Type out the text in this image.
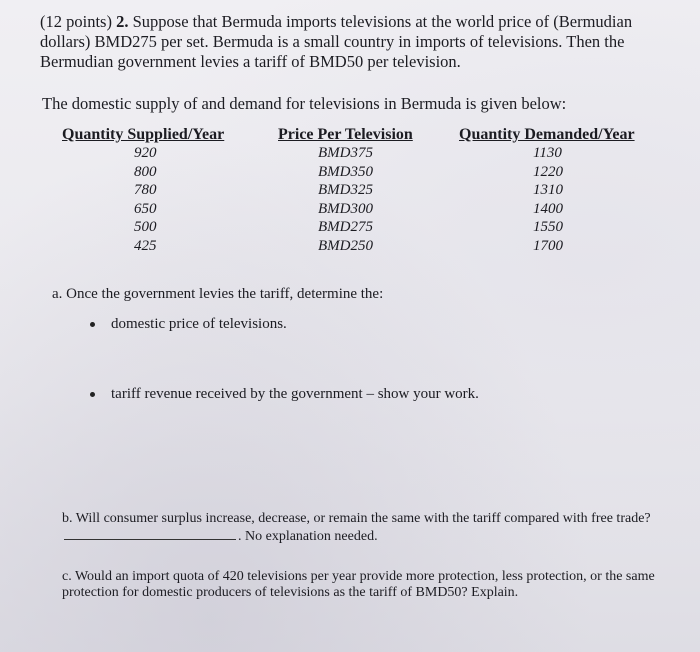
(12 points) 2. Suppose that Bermuda imports televisions at the world price of (Bermudian dollars) BMD275 per set. Bermuda is a small country in imports of televisions. Then the Bermudian government levies a tariff of BMD50 per television.
The domestic supply of and demand for televisions in Bermuda is given below:
Quantity Supplied/Year
920
800
780
650
500
425
Price Per Television
BMD375
BMD350
BMD325
BMD300
BMD275
BMD250
Quantity Demanded/Year
1130
1220
1310
1400
1550
1700
a. Once the government levies the tariff, determine the:
domestic price of televisions.
tariff revenue received by the government – show your work.
b. Will consumer surplus increase, decrease, or remain the same with the tariff compared with free trade?. No explanation needed.
c. Would an import quota of 420 televisions per year provide more protection, less protection, or the same protection for domestic producers of televisions as the tariff of BMD50? Explain.
